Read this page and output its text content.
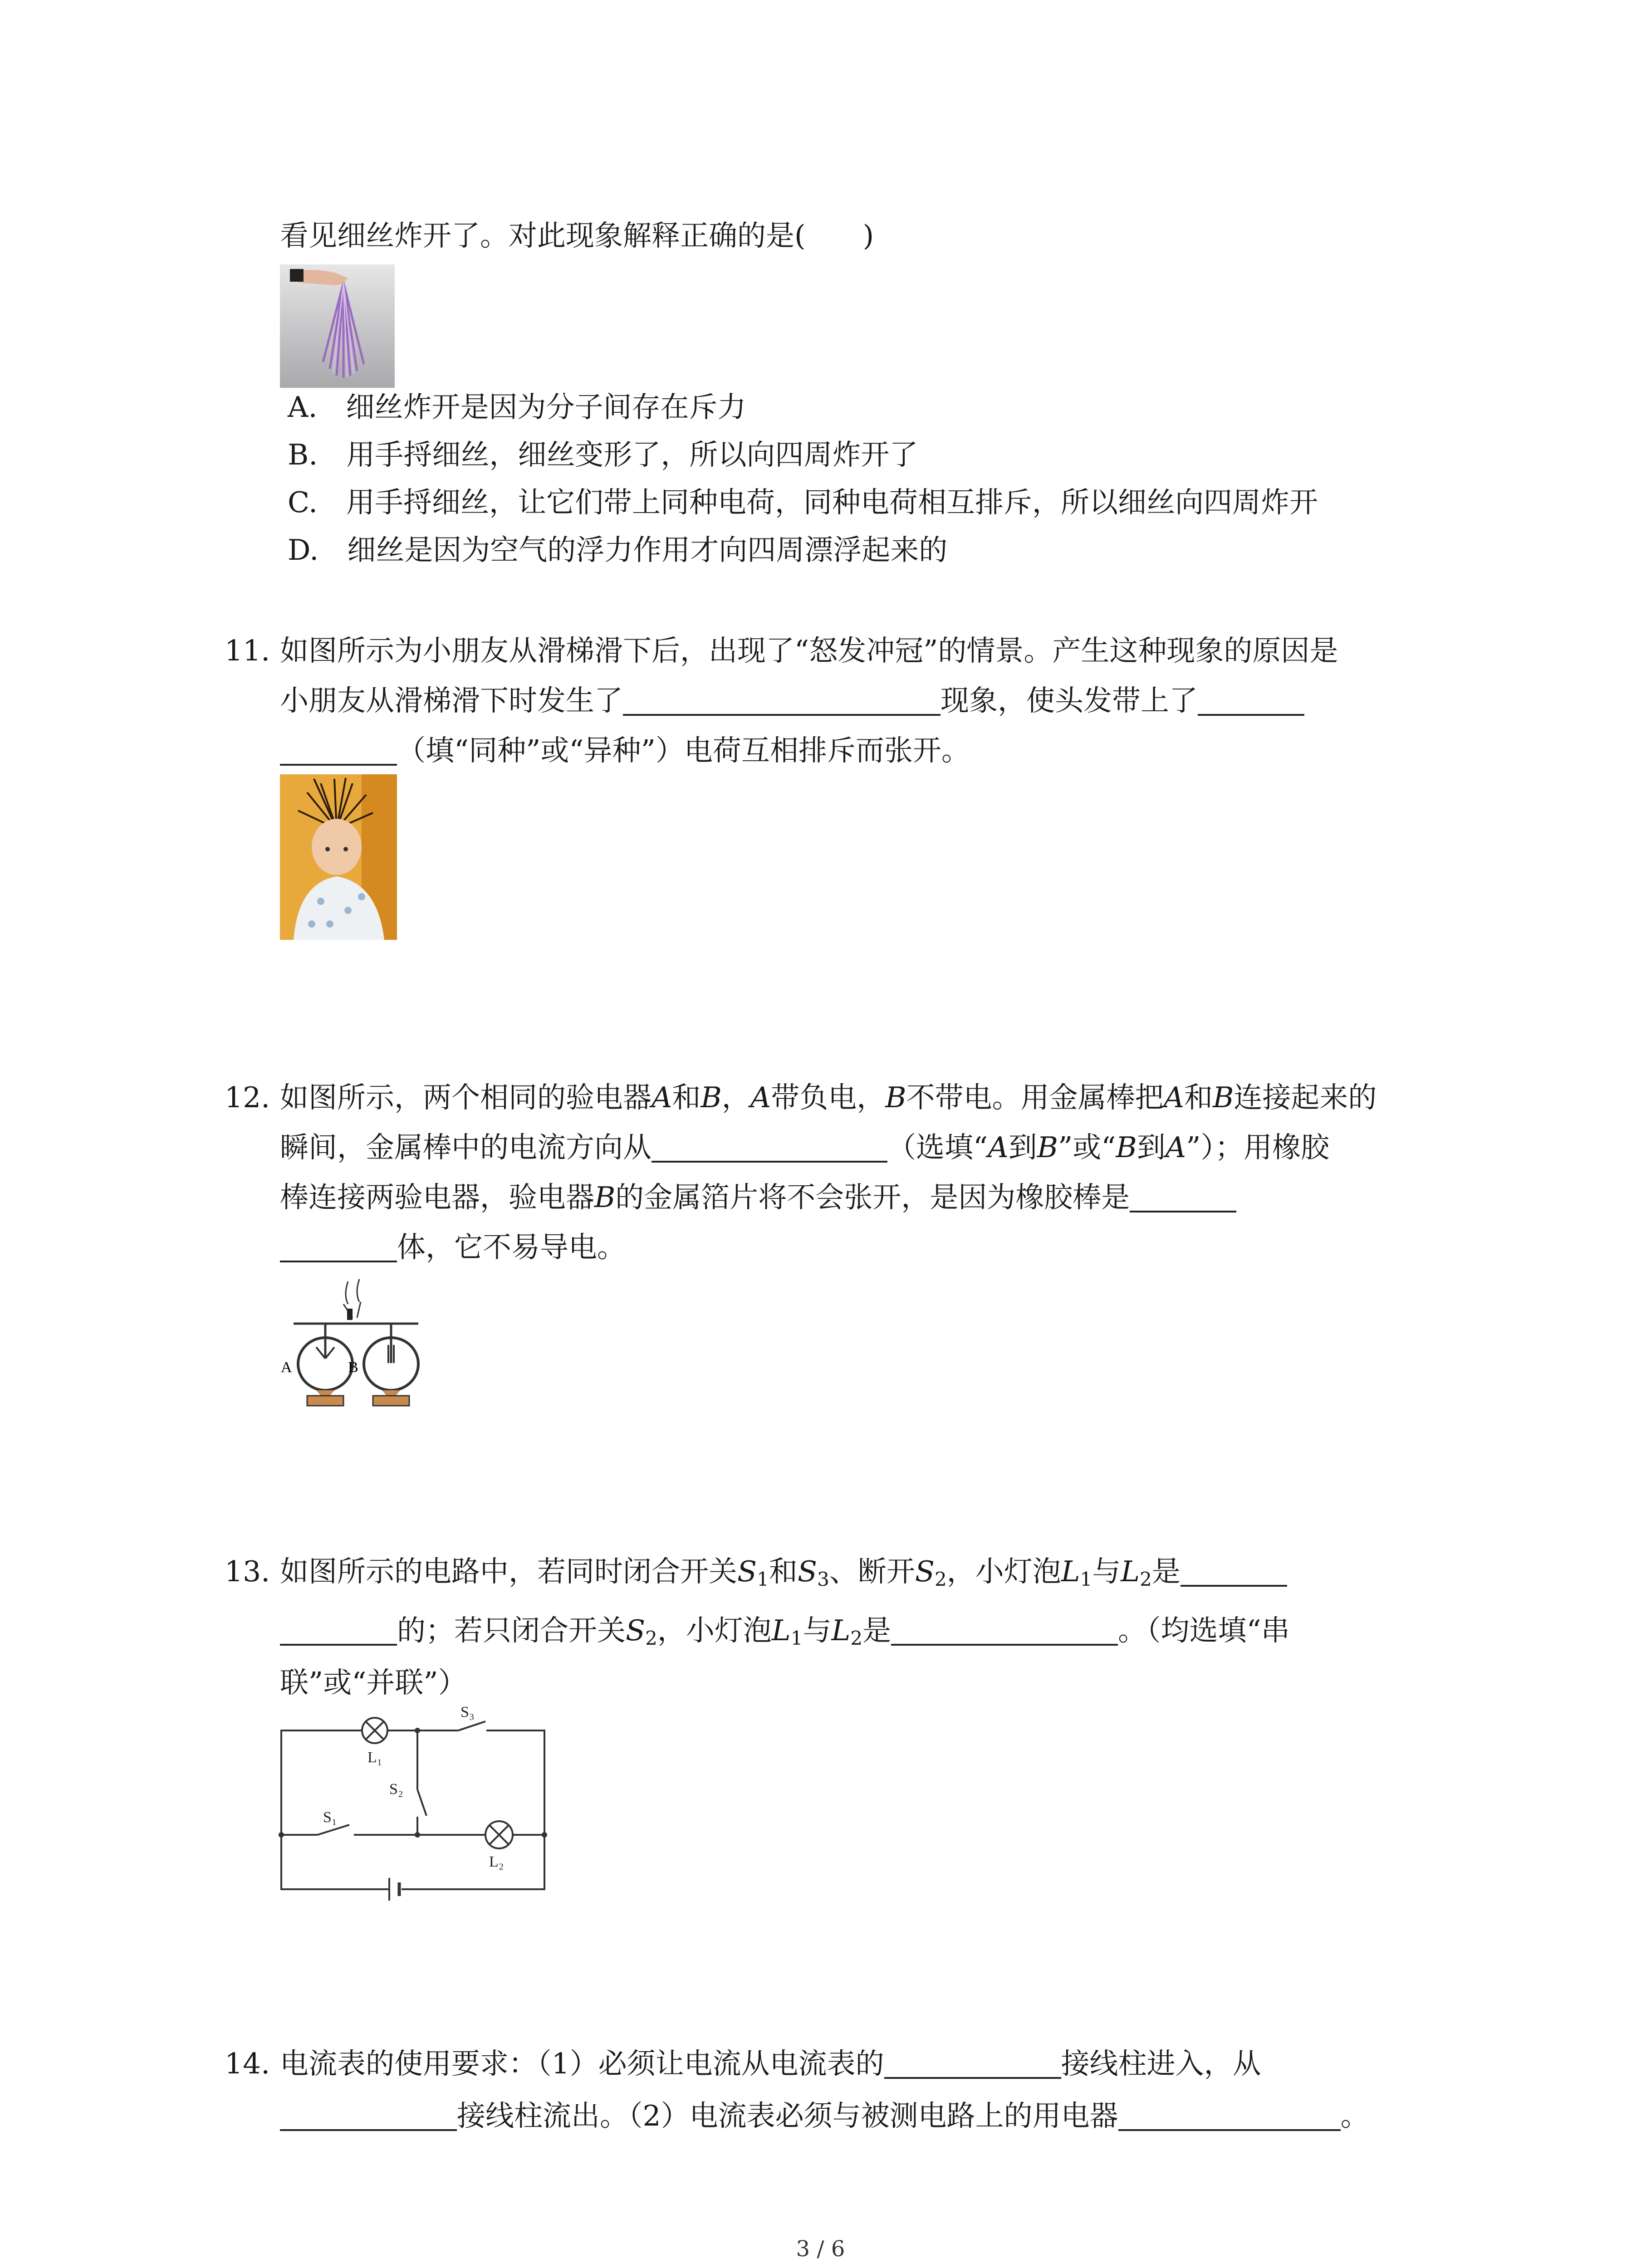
看见细丝炸开了。对此现象解释正确的是(　　)
A.　 细丝炸开是因为分子间存在斥力
B.　 用手捋细丝，细丝变形了，所以向四周炸开了
C.　 用手捋细丝，让它们带上同种电荷，同种电荷相互排斥，所以细丝向四周炸开
D.　 细丝是因为空气的浮力作用才向四周漂浮起来的
11. 如图所示为小朋友从滑梯滑下后，出现了“怒发冲冠”的情景。产生这种现象的原因是
小朋友从滑梯滑下时发生了	现象，使头发带上了
（填“同种”或“异种”）电荷互相排斥而张开。
12. 如图所示，两个相同的验电器A和B，A带负电，B不带电。用金属棒把A和B连接起来的
瞬间，金属棒中的电流方向从	（选填“A到B”或“B到A”）；用橡胶
棒连接两验电器，验电器B的金属箔片将不会张开，是因为橡胶棒是
体，它不易导电。
A	B
13. 如图所示的电路中，若同时闭合开关$S_1$和$S_3$、断开$S_2$，小灯泡$L_1$与$L_2$是
的；若只闭合开关$S_2$，小灯泡$L_1$与$L_2$是	。（均选填“串
联”或“并联”）
L₁
S₃
S₂
S₁
L₂
14. 电流表的使用要求：（1）必须让电流从电流表的	接线柱进入，从
接线柱流出。（2）电流表必须与被测电路上的用电器	。
3 / 6
